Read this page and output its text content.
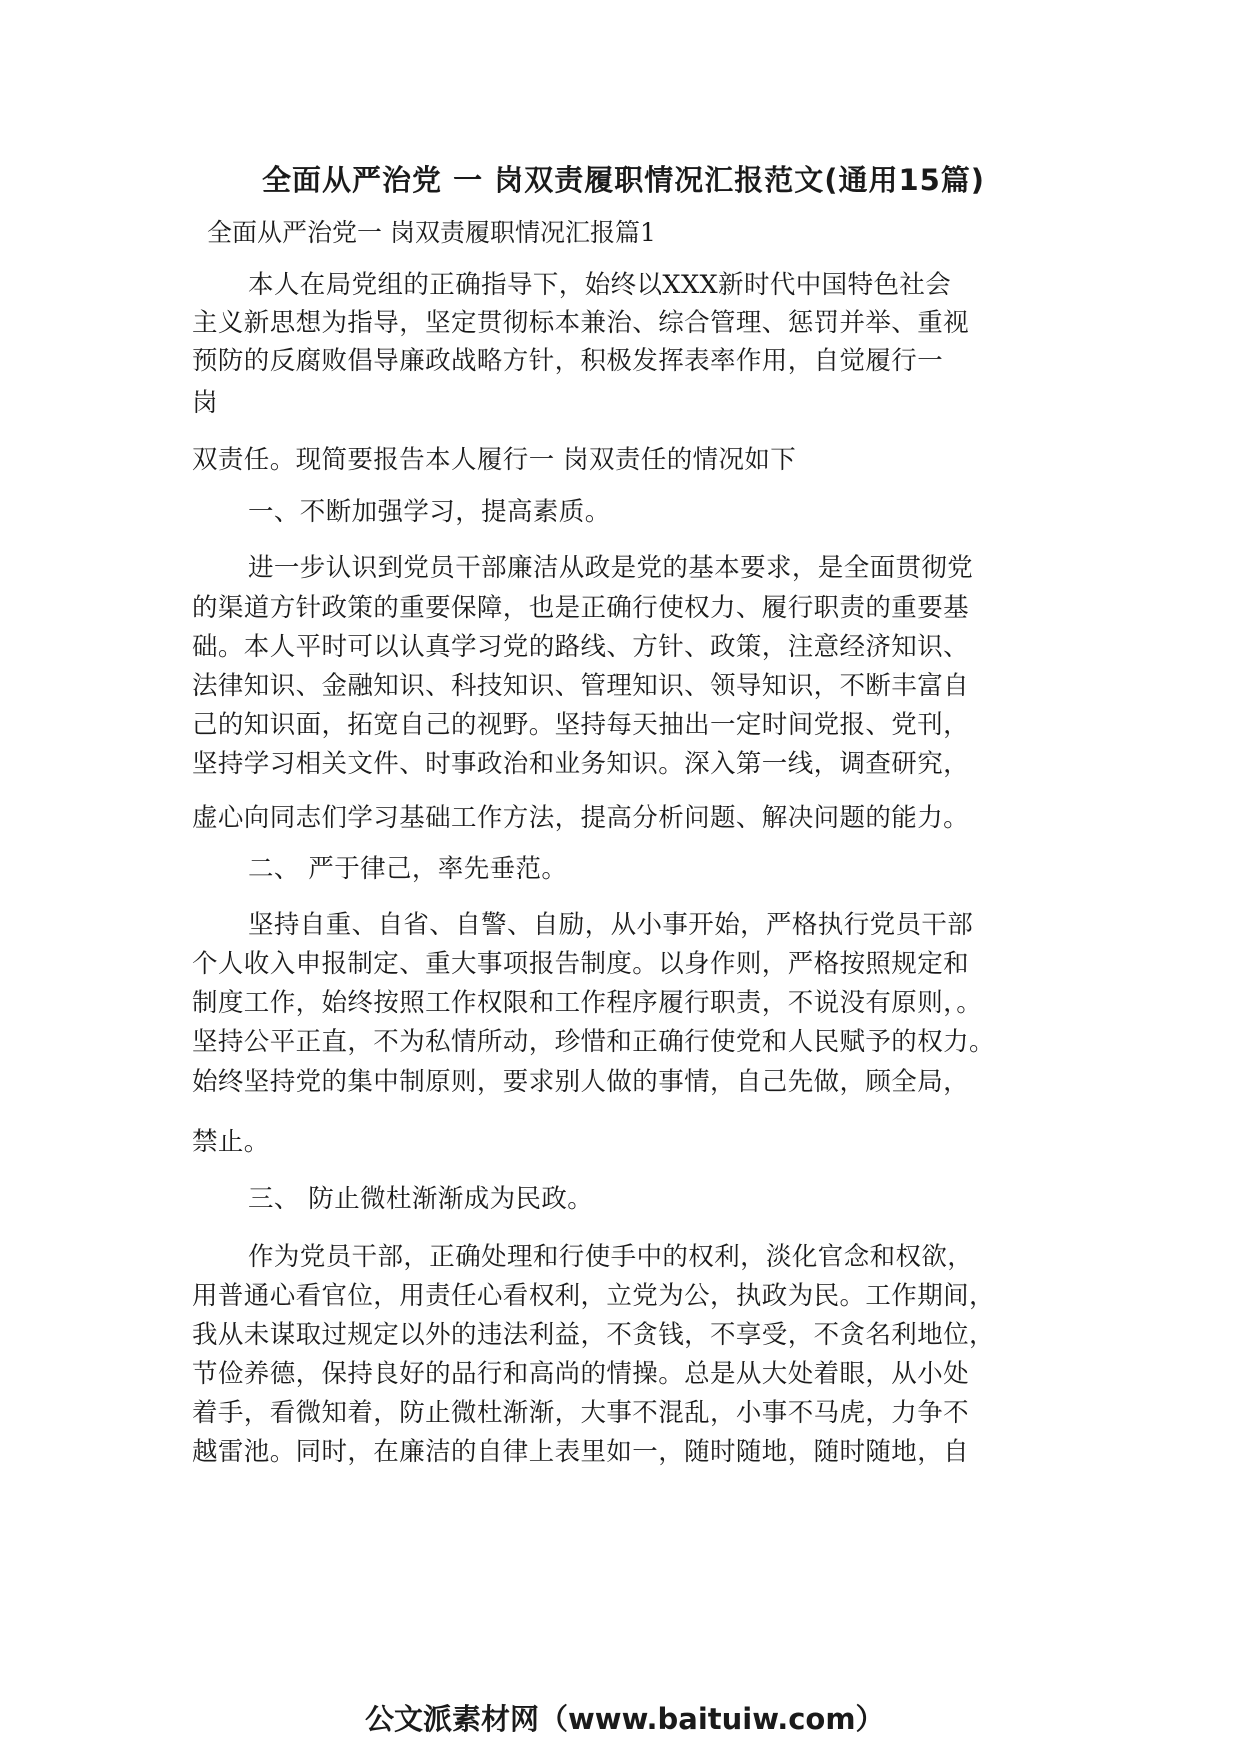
全面从严治党 一 岗双责履职情况汇报范文(通用15篇)
全面从严治党一 岗双责履职情况汇报篇1
本人在局党组的正确指导下，始终以XXX新时代中国特色社会
主义新思想为指导，坚定贯彻标本兼治、综合管理、惩罚并举、重视
预防的反腐败倡导廉政战略方针，积极发挥表率作用，自觉履行一
岗
双责任。现简要报告本人履行一 岗双责任的情况如下
一、不断加强学习，提高素质。
进一步认识到党员干部廉洁从政是党的基本要求，是全面贯彻党
的渠道方针政策的重要保障，也是正确行使权力、履行职责的重要基
础。本人平时可以认真学习党的路线、方针、政策，注意经济知识、
法律知识、金融知识、科技知识、管理知识、领导知识，不断丰富自
己的知识面，拓宽自己的视野。坚持每天抽出一定时间党报、党刊，
坚持学习相关文件、时事政治和业务知识。深入第一线，调查研究，
虚心向同志们学习基础工作方法，提高分析问题、解决问题的能力。
二、 严于律己，率先垂范。
坚持自重、自省、自警、自励，从小事开始，严格执行党员干部
个人收入申报制定、重大事项报告制度。以身作则，严格按照规定和
制度工作，始终按照工作权限和工作程序履行职责，不说没有原则，。
坚持公平正直，不为私情所动，珍惜和正确行使党和人民赋予的权力。
始终坚持党的集中制原则，要求别人做的事情，自己先做，顾全局，
禁止。
三、 防止微杜渐渐成为民政。
作为党员干部，正确处理和行使手中的权利，淡化官念和权欲，
用普通心看官位，用责任心看权利，立党为公，执政为民。工作期间，
我从未谋取过规定以外的违法利益，不贪钱，不享受，不贪名利地位，
节俭养德，保持良好的品行和高尚的情操。总是从大处着眼，从小处
着手，看微知着，防止微杜渐渐，大事不混乱，小事不马虎，力争不
越雷池。同时，在廉洁的自律上表里如一，随时随地，随时随地，自
公文派素材网（www.baituiw.com）
